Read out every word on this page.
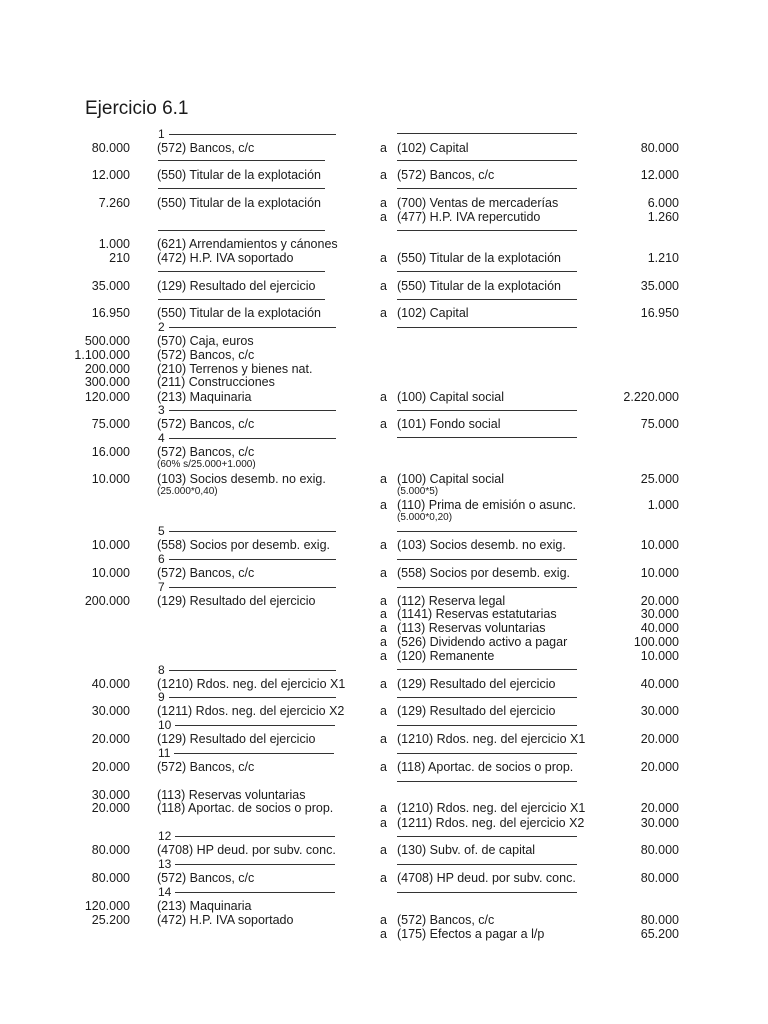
Ejercicio 6.1
1
80.000 (572) Bancos, c/c	a (102) Capital	80.000
12.000 (550) Titular de la explotación	a (572) Bancos, c/c	12.000
7.260 (550) Titular de la explotación	a (700) Ventas de mercaderías	6.000
a (477) H.P. IVA repercutido	1.260
1.000 (621) Arrendamientos y cánones
210 (472) H.P. IVA soportado	a (550) Titular de la explotación	1.210
35.000 (129) Resultado del ejercicio	a (550) Titular de la explotación	35.000
16.950 (550) Titular de la explotación	a (102) Capital	16.950
2
500.000 (570) Caja, euros
1.100.000 (572) Bancos, c/c
200.000 (210) Terrenos y bienes nat.
300.000 (211) Construcciones
120.000 (213) Maquinaria	a (100) Capital social	2.220.000
3
75.000 (572) Bancos, c/c	a (101) Fondo social	75.000
4
16.000 (572) Bancos, c/c
(60% s/25.000+1.000)
10.000 (103) Socios desemb. no exig.	a (100) Capital social	25.000
(25.000*0,40)	(5.000*5)
a (110) Prima de emisión o asunc.	1.000
(5.000*0,20)
5
10.000 (558) Socios por desemb. exig.	a (103) Socios desemb. no exig.	10.000
6
10.000 (572) Bancos, c/c	a (558) Socios por desemb. exig.	10.000
7
200.000 (129) Resultado del ejercicio	a (112) Reserva legal	20.000
a (1141) Reservas estatutarias	30.000
a (113) Reservas voluntarias	40.000
a (526) Dividendo activo a pagar	100.000
a (120) Remanente	10.000
8
40.000 (1210) Rdos. neg. del ejercicio X1	a (129) Resultado del ejercicio	40.000
9
30.000 (1211) Rdos. neg. del ejercicio X2	a (129) Resultado del ejercicio	30.000
10
20.000 (129) Resultado del ejercicio	a (1210) Rdos. neg. del ejercicio X1	20.000
11
20.000 (572) Bancos, c/c	a (118) Aportac. de socios o prop.	20.000
30.000 (113) Reservas voluntarias
20.000 (118) Aportac. de socios o prop.	a (1210) Rdos. neg. del ejercicio X1	20.000
a (1211) Rdos. neg. del ejercicio X2	30.000
12
80.000 (4708) HP deud. por subv. conc.	a (130) Subv. of. de capital	80.000
13
80.000 (572) Bancos, c/c	a (4708) HP deud. por subv. conc.	80.000
14
120.000 (213) Maquinaria
25.200 (472) H.P. IVA soportado	a (572) Bancos, c/c	80.000
a (175) Efectos a pagar a l/p	65.200
